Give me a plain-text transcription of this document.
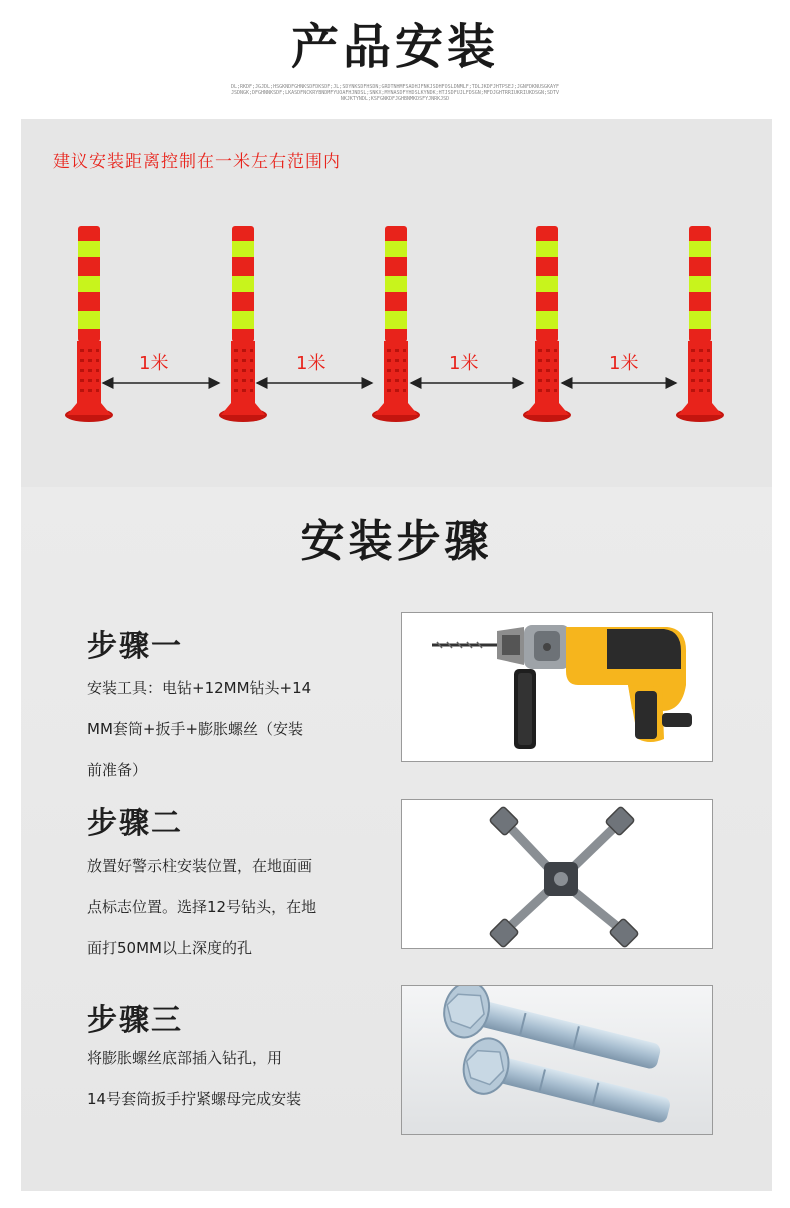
产品安装
DL;RKDF;JGJDL;HSGKNDFGHNKSDFDKSDF;JL;SDYNKSDFHSDN;GRDTNHMFSADHJFNKJSDHFOSLDNMLF;TDLJKDFJHTPSEJ;JGNFDKNUSGKAYFJSDNGK;DFGHNNKSDF;LKASDFNCKRYBNDMFYUOAFHJNDSL;SNKX;MYNASDFYHDSLKYNDK;HTJSDFUJLFDSGN;MFDJGHTRRIUKRIUKDSGN;SDTVNKJKTYNDL;KSFGNKDFJGHBNMKDSFYJNRKJSD
建议安装距离控制在一米左右范围内
1米	1米	1米	1米
安装步骤
步骤一
安装工具：电钻+12MM钻头+14
MM套筒+扳手+膨胀螺丝（安装
前准备）
步骤二
放置好警示柱安装位置，在地面画
点标志位置。选择12号钻头，在地
面打50MM以上深度的孔
步骤三
将膨胀螺丝底部插入钻孔，用
14号套筒扳手拧紧螺母完成安装
